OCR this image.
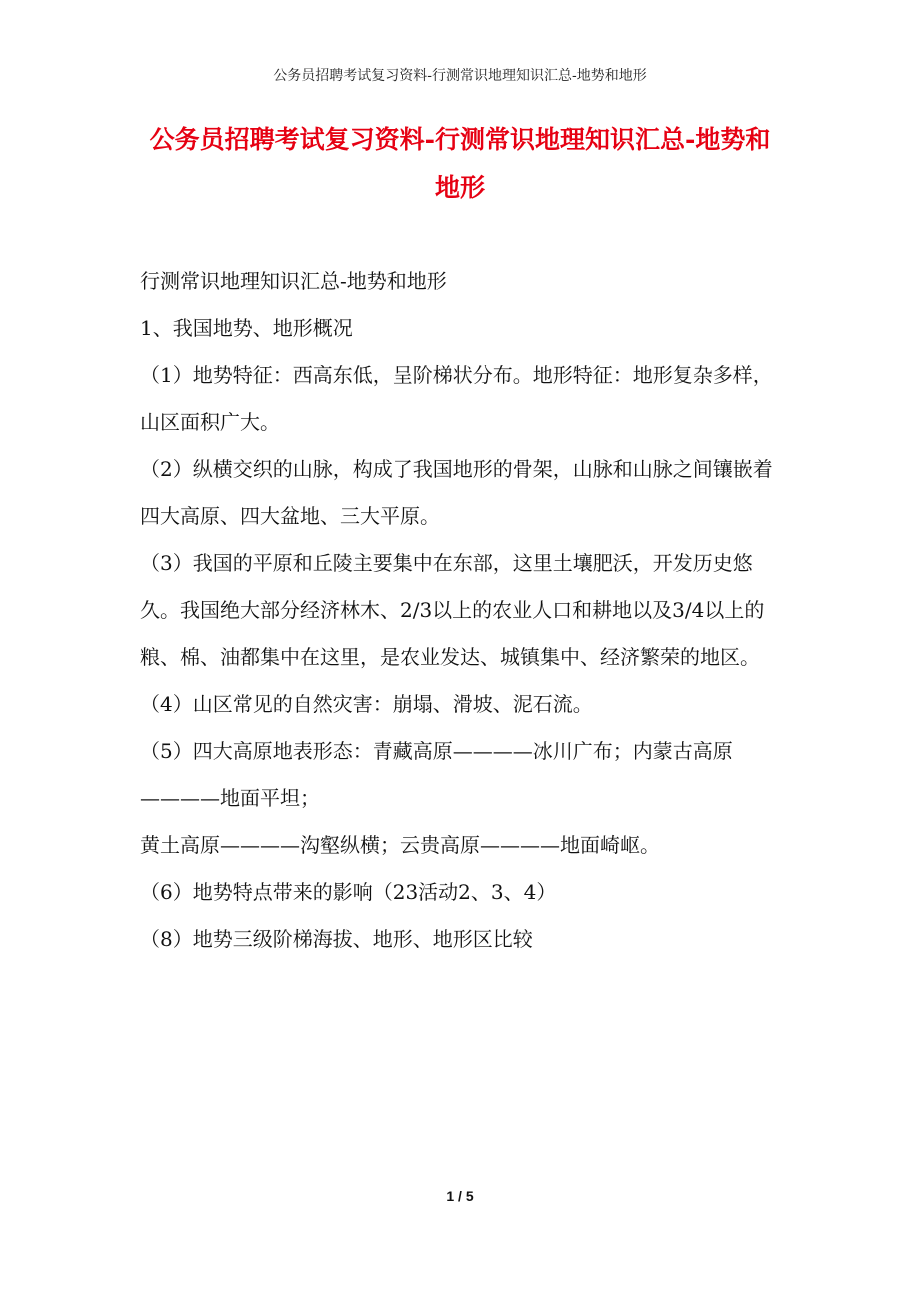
公务员招聘考试复习资料-行测常识地理知识汇总-地势和地形
公务员招聘考试复习资料-行测常识地理知识汇总-地势和地形

行测常识地理知识汇总-地势和地形

1、我国地势、地形概况

（1）地势特征：西高东低，呈阶梯状分布。地形特征：地形复杂多样，山区面积广大。

（2）纵横交织的山脉，构成了我国地形的骨架，山脉和山脉之间镶嵌着四大高原、四大盆地、三大平原。

（3）我国的平原和丘陵主要集中在东部，这里土壤肥沃，开发历史悠久。我国绝大部分经济林木、2/3以上的农业人口和耕地以及3/4以上的粮、棉、油都集中在这里，是农业发达、城镇集中、经济繁荣的地区。

（4）山区常见的自然灾害：崩塌、滑坡、泥石流。

（5）四大高原地表形态：青藏高原————冰川广布；内蒙古高原————地面平坦；

黄土高原————沟壑纵横；云贵高原————地面崎岖。

（6）地势特点带来的影响（23活动2、3、4）

（8）地势三级阶梯海拔、地形、地形区比较

1 / 5
